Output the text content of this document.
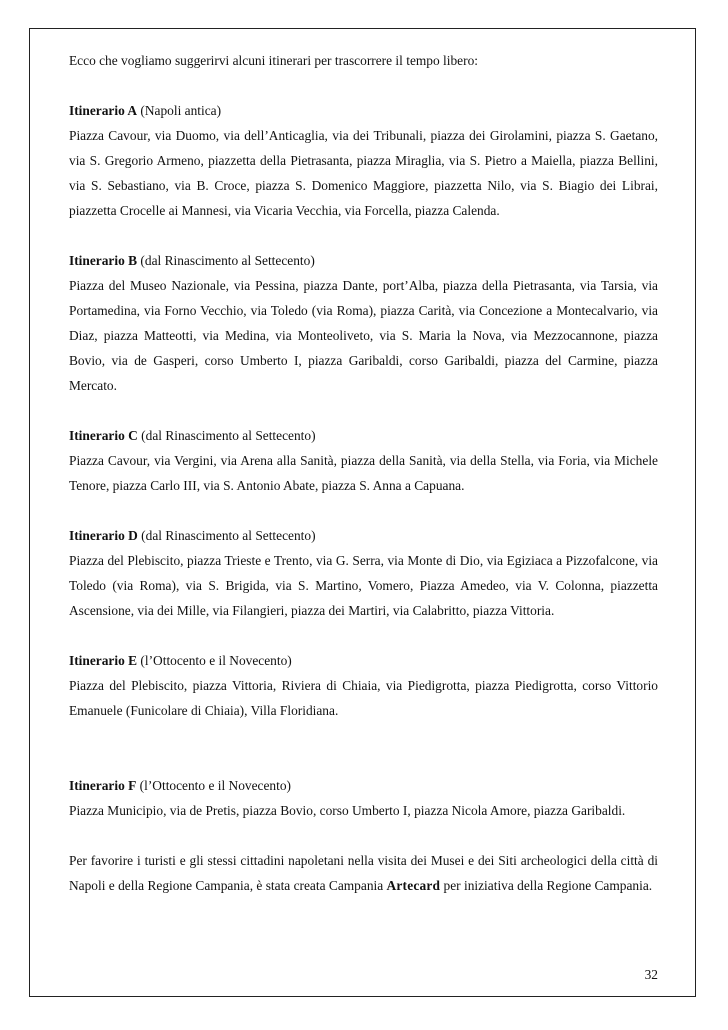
Ecco che vogliamo suggerirvi alcuni itinerari per trascorrere il tempo libero:

Itinerario A (Napoli antica)

Piazza Cavour, via Duomo, via dell’Anticaglia, via dei Tribunali, piazza dei Girolamini, piazza S. Gaetano, via S. Gregorio Armeno, piazzetta della Pietrasanta, piazza Miraglia, via S. Pietro a Maiella, piazza Bellini, via S. Sebastiano, via B. Croce, piazza S. Domenico Maggiore, piazzetta Nilo, via S. Biagio dei Librai, piazzetta Crocelle ai Mannesi, via Vicaria Vecchia, via Forcella, piazza Calenda.

Itinerario B (dal Rinascimento al Settecento)

Piazza del Museo Nazionale, via Pessina, piazza Dante, port’Alba, piazza della Pietrasanta, via Tarsia, via Portamedina, via Forno Vecchio, via Toledo (via Roma), piazza Carità, via Concezione a Montecalvario, via Diaz, piazza Matteotti, via Medina, via Monteoliveto, via S. Maria la Nova, via Mezzocannone, piazza Bovio, via de Gasperi, corso Umberto I, piazza Garibaldi, corso Garibaldi, piazza del Carmine, piazza Mercato.

Itinerario C (dal Rinascimento al Settecento)

Piazza Cavour, via Vergini, via Arena alla Sanità, piazza della Sanità, via della Stella, via Foria, via Michele Tenore, piazza Carlo III, via S. Antonio Abate, piazza S. Anna a Capuana.

Itinerario D (dal Rinascimento al Settecento)

Piazza del Plebiscito, piazza Trieste e Trento, via G. Serra, via Monte di Dio, via Egiziaca a Pizzofalcone, via Toledo (via Roma), via S. Brigida, via S. Martino, Vomero, Piazza Amedeo, via V. Colonna, piazzetta Ascensione, via dei Mille, via Filangieri, piazza dei Martiri, via Calabritto, piazza Vittoria.

Itinerario E (l’Ottocento e il Novecento)

Piazza del Plebiscito, piazza Vittoria, Riviera di Chiaia, via Piedigrotta, piazza Piedigrotta, corso Vittorio Emanuele (Funicolare di Chiaia), Villa Floridiana.

Itinerario F (l’Ottocento e il Novecento)

Piazza Municipio, via de Pretis, piazza Bovio, corso Umberto I, piazza Nicola Amore, piazza Garibaldi.

Per favorire i turisti e gli stessi cittadini napoletani nella visita dei Musei e dei Siti archeologici della città di Napoli e della Regione Campania, è stata creata Campania Artecard per iniziativa della Regione Campania.

32
